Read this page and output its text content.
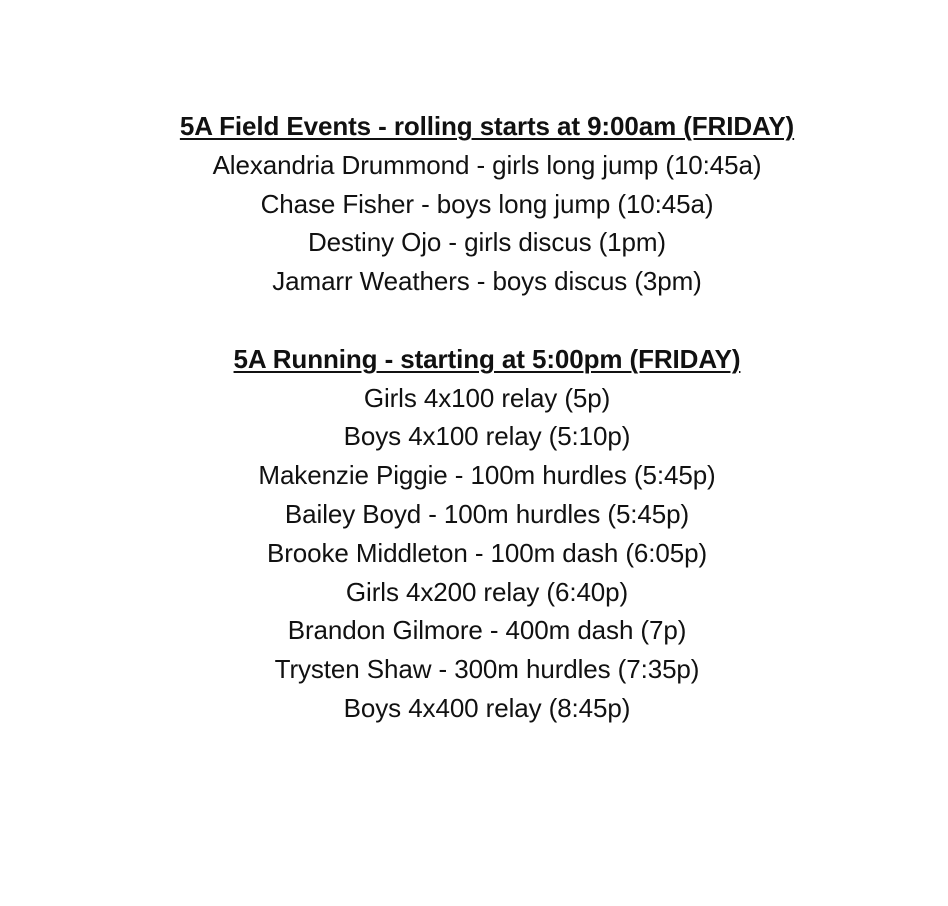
5A Field Events - rolling starts at 9:00am (FRIDAY)
Alexandria Drummond - girls long jump (10:45a)
Chase Fisher - boys long jump (10:45a)
Destiny Ojo - girls discus (1pm)
Jamarr Weathers - boys discus (3pm)
5A Running - starting at 5:00pm (FRIDAY)
Girls 4x100 relay (5p)
Boys 4x100 relay (5:10p)
Makenzie Piggie - 100m hurdles (5:45p)
Bailey Boyd - 100m hurdles (5:45p)
Brooke Middleton - 100m dash (6:05p)
Girls 4x200 relay (6:40p)
Brandon Gilmore - 400m dash (7p)
Trysten Shaw - 300m hurdles (7:35p)
Boys 4x400 relay (8:45p)
